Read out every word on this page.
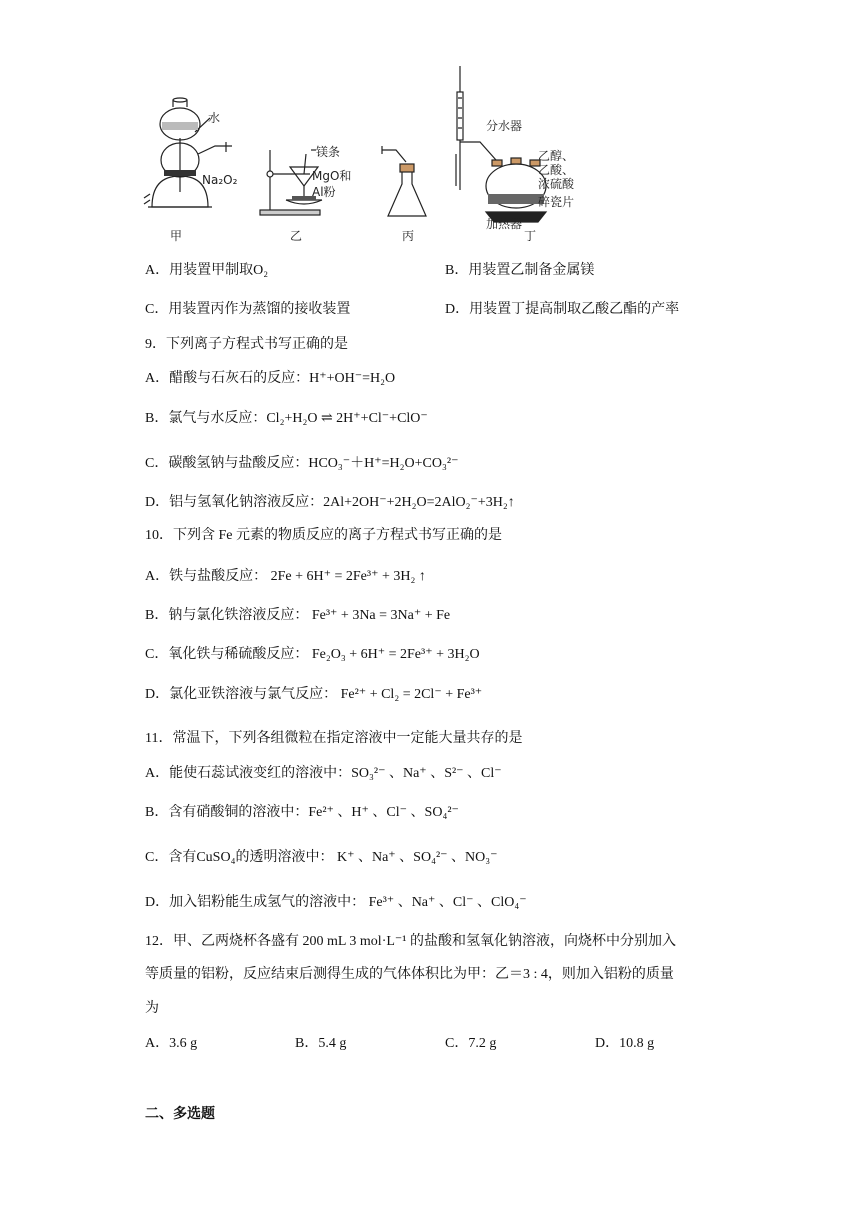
水
Na₂O₂
镁条
MgO和
Al粉
分水器
乙醇、
乙酸、
浓硫酸
碎瓷片
加热器
甲	乙	丙	丁
A．用装置甲制取O₂	B．用装置乙制备金属镁
C．用装置丙作为蒸馏的接收装置	D．用装置丁提高制取乙酸乙酯的产率
9．下列离子方程式书写正确的是
A．醋酸与石灰石的反应：H⁺+OH⁻=H₂O
B．氯气与水反应：Cl₂+H₂O ⇌ 2H⁺+Cl⁻+ClO⁻
C．碳酸氢钠与盐酸反应：HCO₃⁻＋H⁺=H₂O+CO₃²⁻
D．铝与氢氧化钠溶液反应：2Al+2OH⁻+2H₂O=2AlO₂⁻+3H₂↑
10．下列含 Fe 元素的物质反应的离子方程式书写正确的是
A．铁与盐酸反应： 2Fe + 6H⁺ = 2Fe³⁺ + 3H₂ ↑
B．钠与氯化铁溶液反应： Fe³⁺ + 3Na = 3Na⁺ + Fe
C．氧化铁与稀硫酸反应： Fe₂O₃ + 6H⁺ = 2Fe³⁺ + 3H₂O
D．氯化亚铁溶液与氯气反应： Fe²⁺ + Cl₂ = 2Cl⁻ + Fe³⁺
11．常温下，下列各组微粒在指定溶液中一定能大量共存的是
A．能使石蕊试液变红的溶液中：SO₃²⁻ 、Na⁺ 、S²⁻ 、Cl⁻
B．含有硝酸铜的溶液中：Fe²⁺ 、H⁺ 、Cl⁻ 、SO₄²⁻
C．含有CuSO₄的透明溶液中： K⁺ 、Na⁺ 、SO₄²⁻ 、NO₃⁻
D．加入铝粉能生成氢气的溶液中： Fe³⁺ 、Na⁺ 、Cl⁻ 、ClO₄⁻
12．甲、乙两烧杯各盛有 200 mL 3 mol·L⁻¹ 的盐酸和氢氧化钠溶液，向烧杯中分别加入
等质量的铝粉，反应结束后测得生成的气体体积比为甲：乙＝3 : 4，则加入铝粉的质量
为
A．3.6 g	B．5.4 g	C．7.2 g	D．10.8 g
二、多选题
